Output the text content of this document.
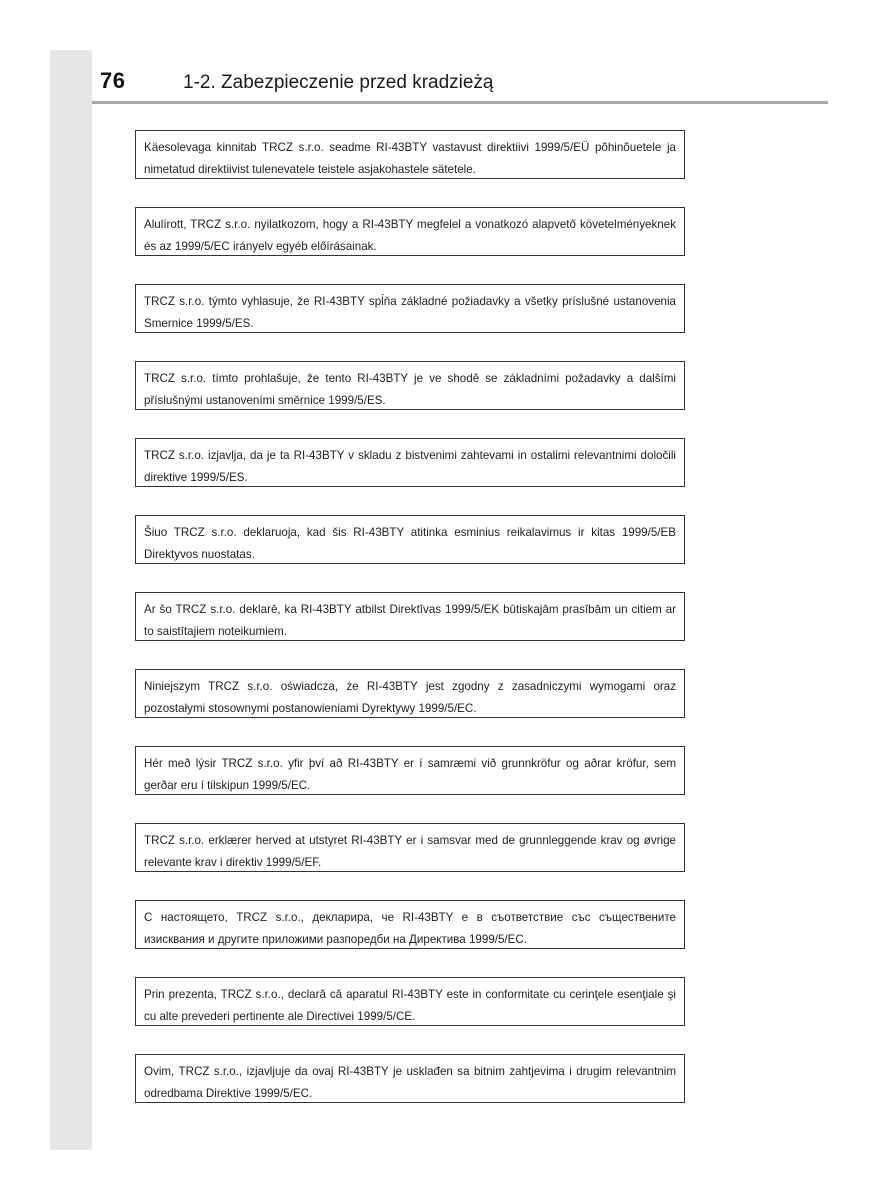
76	1-2. Zabezpieczenie przed kradzieżą
Käesolevaga kinnitab TRCZ s.r.o. seadme RI-43BTY vastavust direktiivi 1999/5/EÜ põhinõuetele ja nimetatud direktiivist tulenevatele teistele asjakohastele sätetele.
Alulírott, TRCZ s.r.o. nyilatkozom, hogy a RI-43BTY megfelel a vonatkozó alapvető követelményeknek és az 1999/5/EC irányelv egyéb előírásainak.
TRCZ s.r.o. týmto vyhlasuje, že RI-43BTY spĺňa základné požiadavky a všetky príslušné ustanovenia Smernice 1999/5/ES.
TRCZ s.r.o. tímto prohlašuje, že tento RI-43BTY je ve shodě se základními požadavky a dalšími příslušnými ustanoveními směrnice 1999/5/ES.
TRCZ s.r.o. izjavlja, da je ta RI-43BTY v skladu z bistvenimi zahtevami in ostalimi relevantnimi določili direktive 1999/5/ES.
Šiuo TRCZ s.r.o. deklaruoja, kad šis RI-43BTY atitinka esminius reikalavimus ir kitas 1999/5/EB Direktyvos nuostatas.
Ar šo TRCZ s.r.o. deklarē, ka RI-43BTY atbilst Direktīvas 1999/5/EK būtiskajām prasībām un citiem ar to saistītajiem noteikumiem.
Niniejszym TRCZ s.r.o. oświadcza, że RI-43BTY jest zgodny z zasadniczymi wymogami oraz pozostałymi stosownymi postanowieniami Dyrektywy 1999/5/EC.
Hér með lýsir TRCZ s.r.o. yfir því að RI-43BTY er í samræmi við grunnkröfur og aðrar kröfur, sem gerðar eru í tilskipun 1999/5/EC.
TRCZ s.r.o. erklærer herved at utstyret RI-43BTY er i samsvar med de grunnleggende krav og øvrige relevante krav i direktiv 1999/5/EF.
С настоящето, TRCZ s.r.o., декларира, че RI-43BTY е в съответствие със съществените изисквания и другите приложими разпоредби на Директива 1999/5/EC.
Prin prezenta, TRCZ s.r.o., declară că aparatul RI-43BTY este in conformitate cu cerinţele esenţiale şi cu alte prevederi pertinente ale Directivei 1999/5/CE.
Ovim, TRCZ s.r.o., izjavljuje da ovaj RI-43BTY je usklađen sa bitnim zahtjevima i drugim relevantnim odredbama Direktive 1999/5/EC.
